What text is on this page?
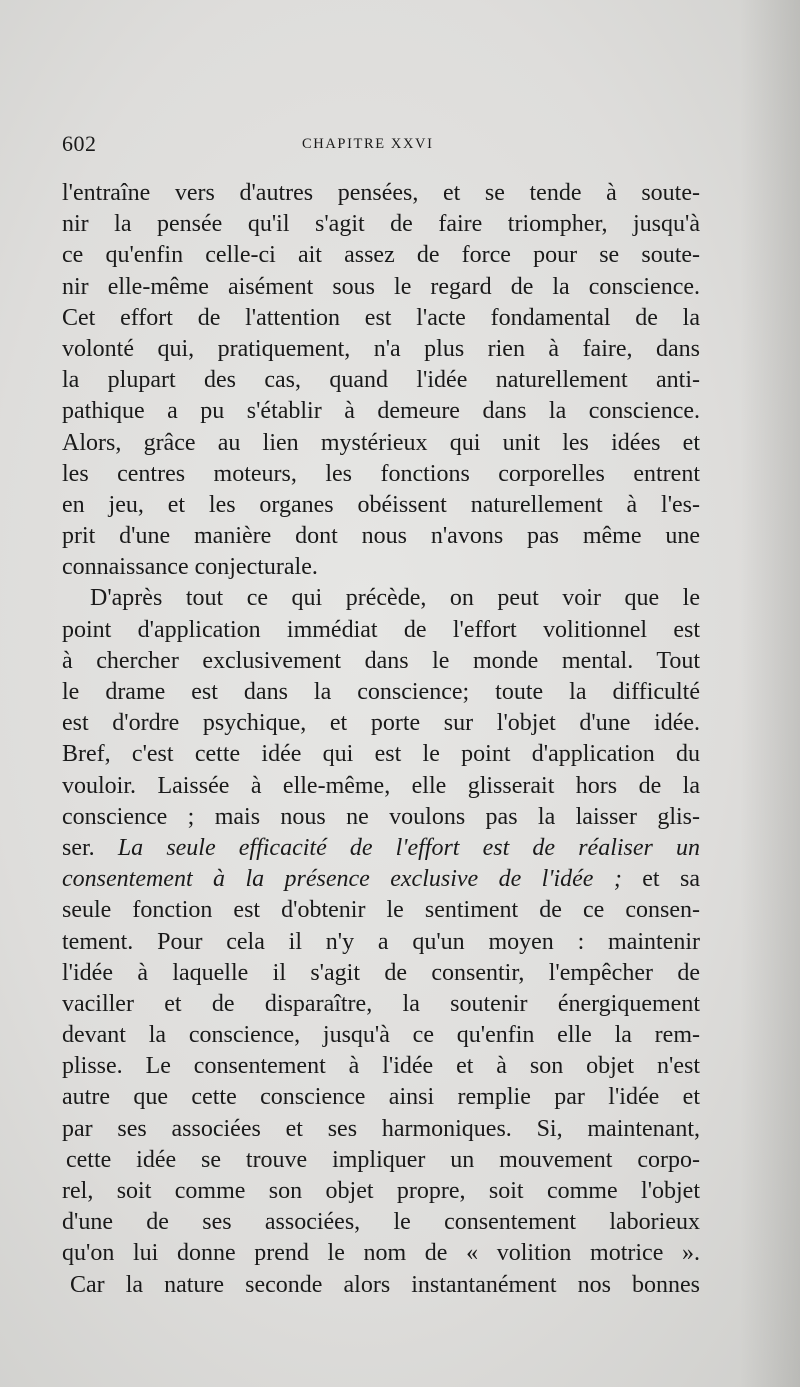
602	CHAPITRE XXVI
l'entraîne vers d'autres pensées, et se tende à soute-
nir la pensée qu'il s'agit de faire triompher, jusqu'à
ce qu'enfin celle-ci ait assez de force pour se soute-
nir elle-même aisément sous le regard de la conscience.
Cet effort de l'attention est l'acte fondamental de la
volonté qui, pratiquement, n'a plus rien à faire, dans
la plupart des cas, quand l'idée naturellement anti-
pathique a pu s'établir à demeure dans la conscience.
Alors, grâce au lien mystérieux qui unit les idées et
les centres moteurs, les fonctions corporelles entrent
en jeu, et les organes obéissent naturellement à l'es-
prit d'une manière dont nous n'avons pas même une
connaissance conjecturale.
D'après tout ce qui précède, on peut voir que le
point d'application immédiat de l'effort volitionnel est
à chercher exclusivement dans le monde mental. Tout
le drame est dans la conscience; toute la difficulté
est d'ordre psychique, et porte sur l'objet d'une idée.
Bref, c'est cette idée qui est le point d'application du
vouloir. Laissée à elle-même, elle glisserait hors de la
conscience ; mais nous ne voulons pas la laisser glis-
ser. La seule efficacité de l'effort est de réaliser un
consentement à la présence exclusive de l'idée ; et sa
seule fonction est d'obtenir le sentiment de ce consen-
tement. Pour cela il n'y a qu'un moyen : maintenir
l'idée à laquelle il s'agit de consentir, l'empêcher de
vaciller et de disparaître, la soutenir énergiquement
devant la conscience, jusqu'à ce qu'enfin elle la rem-
plisse. Le consentement à l'idée et à son objet n'est
autre que cette conscience ainsi remplie par l'idée et
par ses associées et ses harmoniques. Si, maintenant,
cette idée se trouve impliquer un mouvement corpo-
rel, soit comme son objet propre, soit comme l'objet
d'une de ses associées, le consentement laborieux
qu'on lui donne prend le nom de « volition motrice ».
Car la nature seconde alors instantanément nos bonnes
